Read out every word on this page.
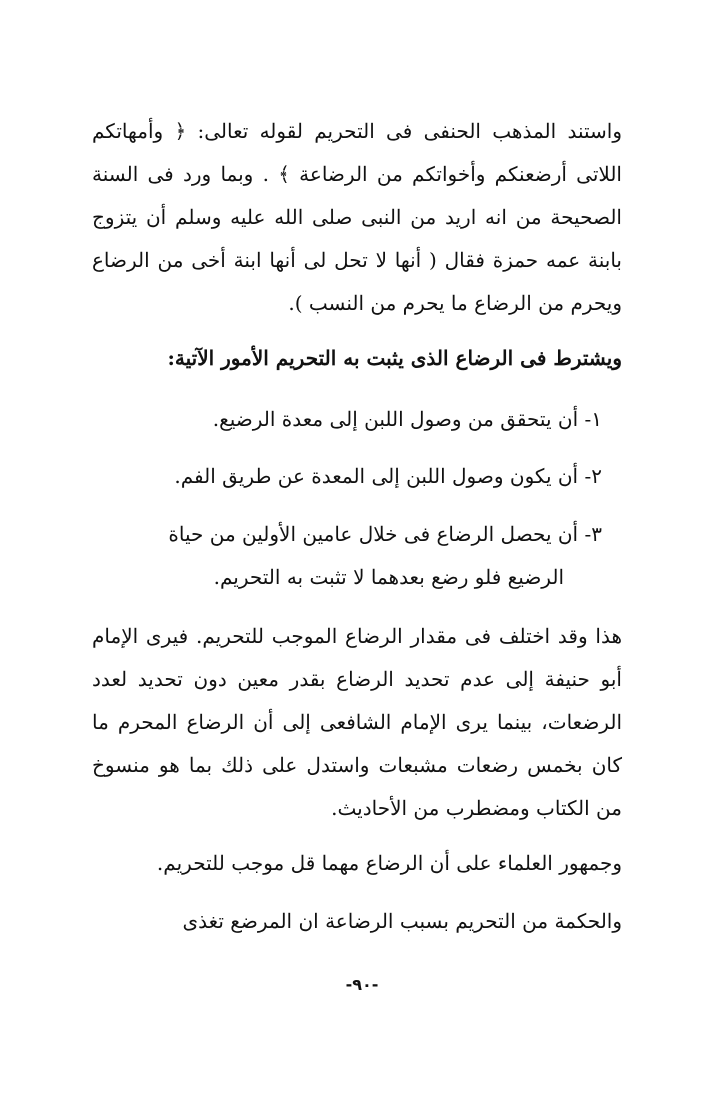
واستند المذهب الحنفى فى التحريم لقوله تعالى: ﴿ وأمهاتكم اللاتى أرضعنكم وأخواتكم من الرضاعة ﴾ . وبما ورد فى السنة الصحيحة من انه اريد من النبى صلى الله عليه وسلم أن يتزوج بابنة عمه حمزة فقال ( أنها لا تحل لى أنها ابنة أخى من الرضاع ويحرم من الرضاع ما يحرم من النسب ).

ويشترط فى الرضاع الذى يثبت به التحريم الأمور الآتية:

١- أن يتحقق من وصول اللبن إلى معدة الرضيع.

٢- أن يكون وصول اللبن إلى المعدة عن طريق الفم.

٣- أن يحصل الرضاع فى خلال عامين الأولين من حياة
الرضيع فلو رضع بعدهما لا تثبت به التحريم.

هذا وقد اختلف فى مقدار الرضاع الموجب للتحريم. فيرى الإمام أبو حنيفة إلى عدم تحديد الرضاع بقدر معين دون تحديد لعدد الرضعات، بينما يرى الإمام الشافعى إلى أن الرضاع المحرم ما كان بخمس رضعات مشبعات واستدل على ذلك بما هو منسوخ من الكتاب ومضطرب من الأحاديث.

وجمهور العلماء على أن الرضاع مهما قل موجب للتحريم.

والحكمة من التحريم بسبب الرضاعة ان المرضع تغذى

-٩٠-
